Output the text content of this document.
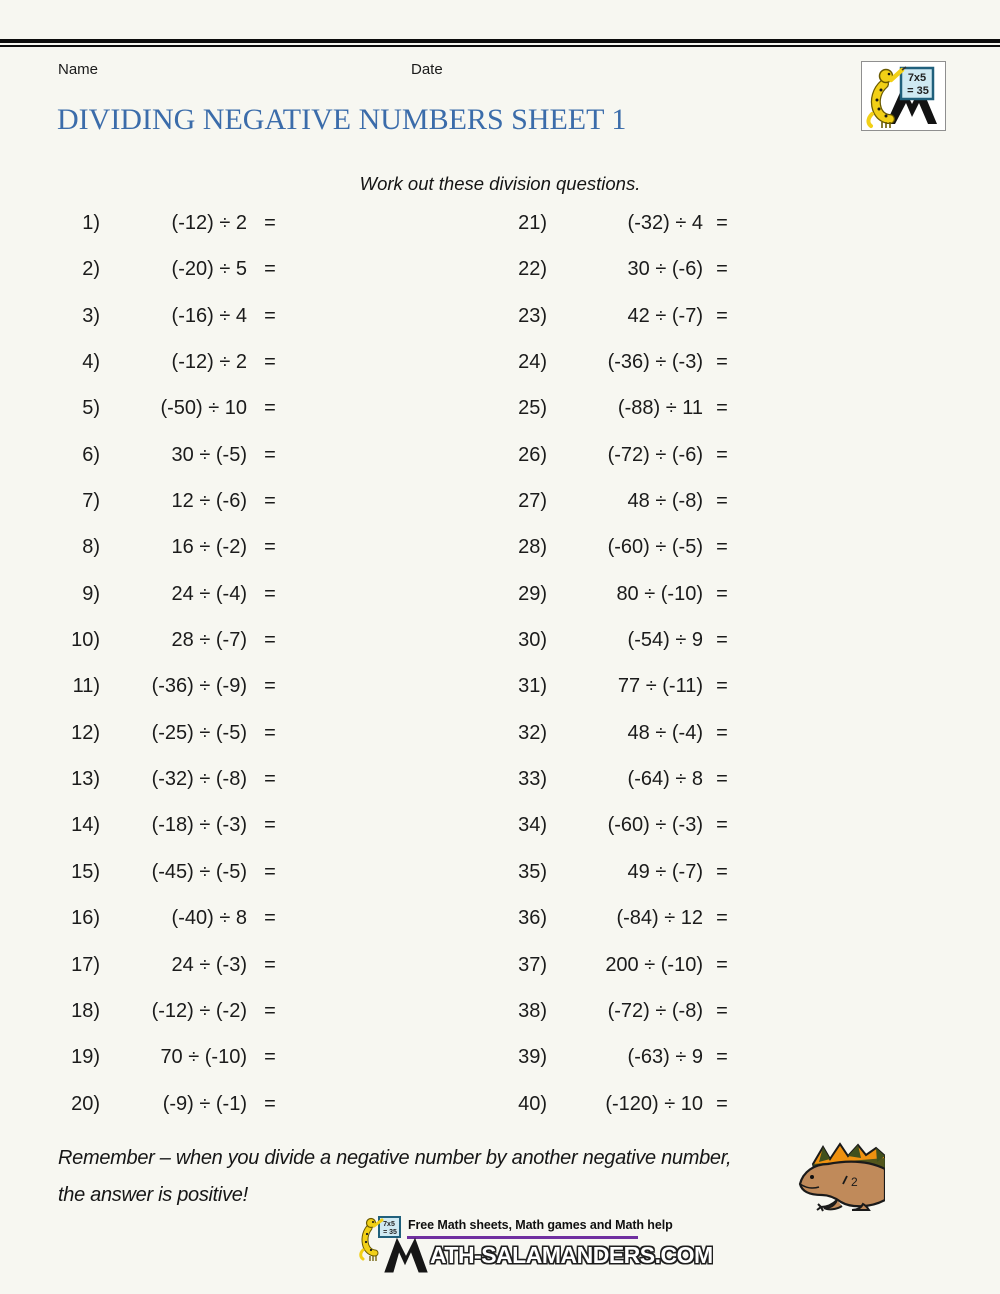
Name	Date	7x5
= 35
DIVIDING NEGATIVE NUMBERS SHEET 1
Work out these division questions.
1)	(-12) ÷ 2 =
2)	(-20) ÷ 5 =
3)	(-16) ÷ 4 =
4)	(-12) ÷ 2 =
5)	(-50) ÷ 10 =
6)	30 ÷ (-5) =
7)	12 ÷ (-6) =
8)	16 ÷ (-2) =
9)	24 ÷ (-4) =
10)	28 ÷ (-7) =
11)	(-36) ÷ (-9) =
12)	(-25) ÷ (-5) =
13)	(-32) ÷ (-8) =
14)	(-18) ÷ (-3) =
15)	(-45) ÷ (-5) =
16)	(-40) ÷ 8 =
17)	24 ÷ (-3) =
18)	(-12) ÷ (-2) =
19)	70 ÷ (-10) =
20)	(-9) ÷ (-1) =
21)	(-32) ÷ 4 =
22)	30 ÷ (-6) =
23)	42 ÷ (-7) =
24)	(-36) ÷ (-3) =
25)	(-88) ÷ 11 =
26)	(-72) ÷ (-6) =
27)	48 ÷ (-8) =
28)	(-60) ÷ (-5) =
29)	80 ÷ (-10) =
30)	(-54) ÷ 9 =
31)	77 ÷ (-11) =
32)	48 ÷ (-4) =
33)	(-64) ÷ 8 =
34)	(-60) ÷ (-3) =
35)	49 ÷ (-7) =
36)	(-84) ÷ 12 =
37)	200 ÷ (-10) =
38)	(-72) ÷ (-8) =
39)	(-63) ÷ 9 =
40)	(-120) ÷ 10 =
Remember – when you divide a negative number by another negative number,
the answer is positive!
2
7x5
= 35
Free Math sheets, Math games and Math help
ATH-SALAMANDERS.COM
